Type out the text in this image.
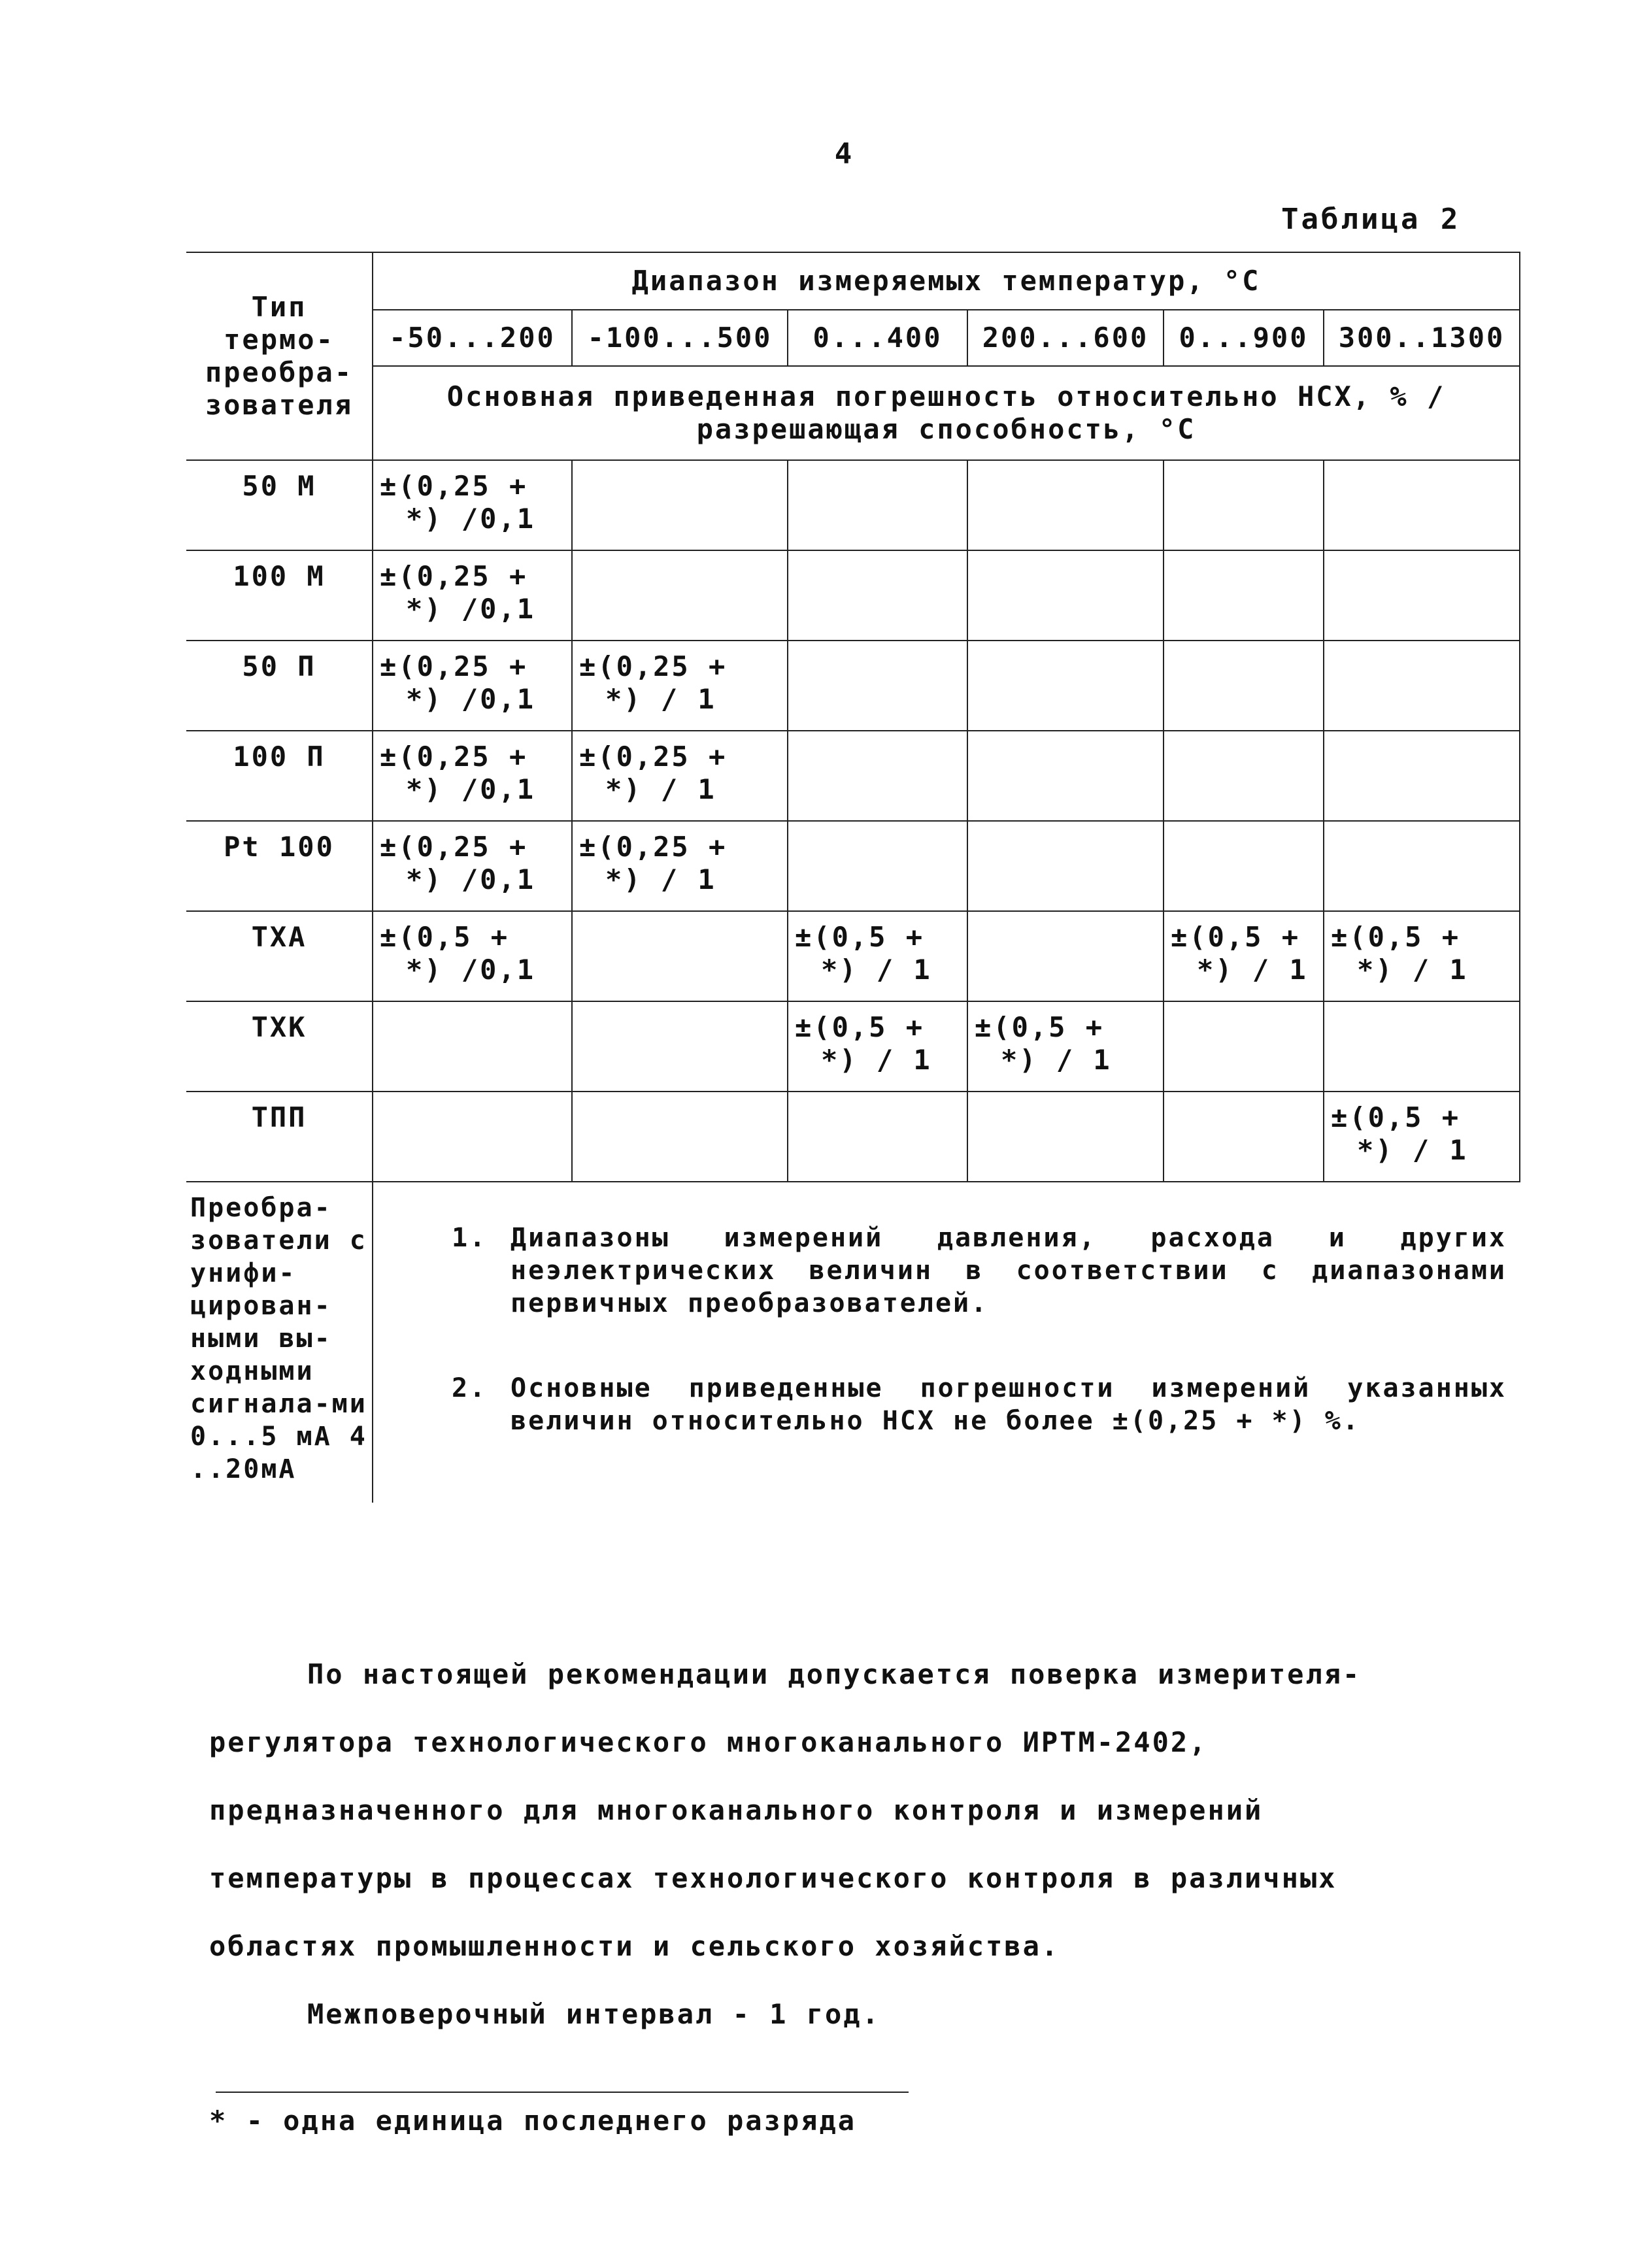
4
Таблица 2
Тип термо-преобра-зователя	Диапазон измеряемых температур, °С					
	-50...200	-100...500	0...400	200...600	0...900	300..1300
	Основная приведенная погрешность относительно НСХ, % / разрешающая способность, °С					
50 М	±(0,25 +
*) /0,1					

100 М	±(0,25 +
*) /0,1					

50 П	±(0,25 +
*) /0,1	±(0,25 +
*) / 1				

100 П	±(0,25 +
*) /0,1	±(0,25 +
*) / 1				

Pt 100	±(0,25 +
*) /0,1	±(0,25 +
*) / 1				

ТХА	±(0,5 +
*) /0,1		±(0,5 +
*) / 1		±(0,5 +
*) / 1	±(0,5 +
*) / 1

ТХК			±(0,5 +
*) / 1	±(0,5 +
*) / 1		

ТПП						±(0,5 +
*) / 1

Преобра-зователи с унифи-цирован-ными вы-ходными сигнала-ми 0...5 мА 4 ..20мА	1. Диапазоны измерений давления, расхода и других неэлектрических величин в соответствии с диапазонами первичных преобразователей.
2. Основные приведенные погрешности измерений указанных величин относительно НСХ не более ±(0,25 + *) %.					

По настоящей рекомендации допускается поверка измерителя-регулятора технологического многоканального ИРТМ-2402, предназначенного для многоканального контроля и измерений температуры в процессах технологического контроля в различных областях промышленности и сельского хозяйства.

Межповерочный интервал - 1 год.

* - одна единица последнего разряда
